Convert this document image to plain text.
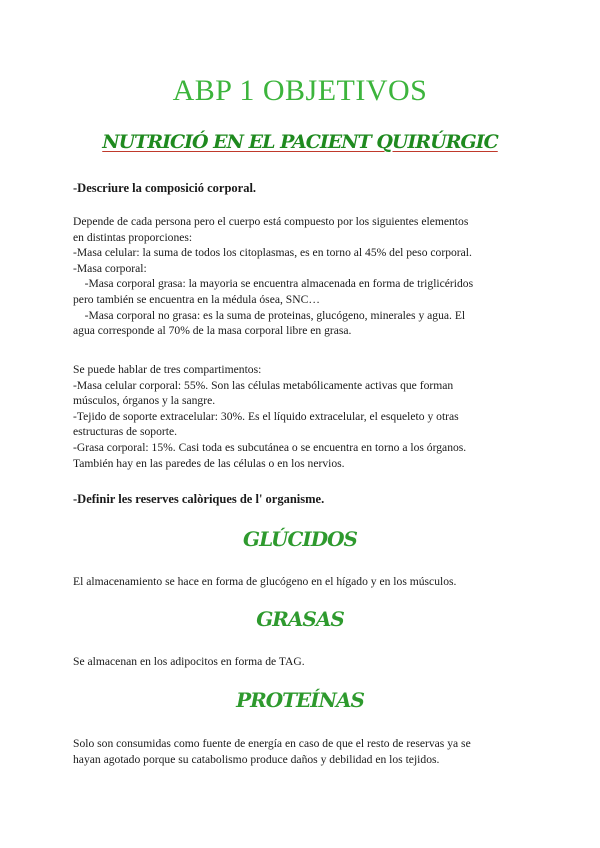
ABP 1 OBJETIVOS
NUTRICIÓ EN EL PACIENT QUIRÚRGIC
-Descriure la composició corporal.
Depende de cada persona pero el cuerpo está compuesto por los siguientes elementos
en distintas proporciones:
-Masa celular: la suma de todos los citoplasmas, es en torno al 45% del peso corporal.
-Masa corporal:
-Masa corporal grasa: la mayoria se encuentra almacenada en forma de triglicéridos
pero también se encuentra en la médula ósea, SNC…
-Masa corporal no grasa: es la suma de proteinas, glucógeno, minerales y agua. El
agua corresponde al 70% de la masa corporal libre en grasa.
Se puede hablar de tres compartimentos:
-Masa celular corporal: 55%. Son las células metabólicamente activas que forman
músculos, órganos y la sangre.
-Tejido de soporte extracelular: 30%. Es el líquido extracelular, el esqueleto y otras
estructuras de soporte.
-Grasa corporal: 15%. Casi toda es subcutánea o se encuentra en torno a los órganos.
También hay en las paredes de las células o en los nervios.
-Definir les reserves calòriques de l' organisme.
GLÚCIDOS
El almacenamiento se hace en forma de glucógeno en el hígado y en los músculos.
GRASAS
Se almacenan en los adipocitos en forma de TAG.
PROTEÍNAS
Solo son consumidas como fuente de energía en caso de que el resto de reservas ya se
hayan agotado porque su catabolismo produce daños y debilidad en los tejidos.
